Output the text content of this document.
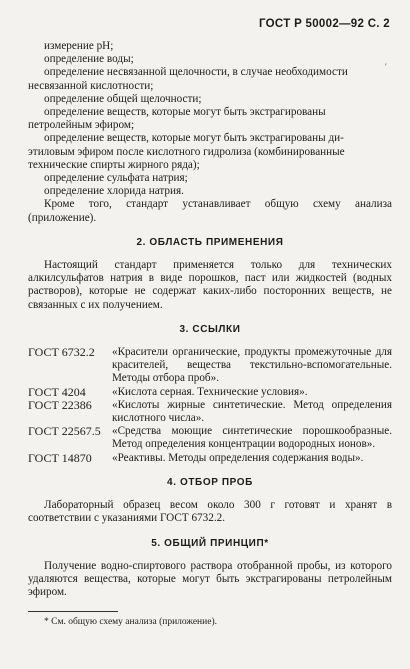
ГОСТ Р 50002—92 С. 2
'
измерение pH;
определение воды;
определение несвязанной щелочности, в случае необходимости
несвязанной кислотности;
определение общей щелочности;
определение веществ, которые могут быть экстрагированы
петролейным эфиром;
определение веществ, которые могут быть экстрагированы ди-
этиловым эфиром после кислотного гидролиза (комбинированные
технические спирты жирного ряда);
определение сульфата натрия;
определение хлорида натрия.

Кроме того, стандарт устанавливает общую схему анализа (приложение).

2. ОБЛАСТЬ ПРИМЕНЕНИЯ

Настоящий стандарт применяется только для технических алкилсульфатов натрия в виде порошков, паст или жидкостей (водных растворов), которые не содержат каких-либо посторонних веществ, не связанных с их получением.

3. ССЫЛКИ
ГОСТ 6732.2	«Красители органические, продукты промежуточные для красителей, вещества текстильно-вспомогательные. Методы отбора проб».
ГОСТ 4204	«Кислота серная. Технические условия».
ГОСТ 22386	«Кислоты жирные синтетические. Метод определения кислотного числа».
ГОСТ 22567.5	«Средства моющие синтетические порошкообразные. Метод определения концентрации водородных ионов».
ГОСТ 14870	«Реактивы. Методы определения содержания воды».
4. ОТБОР ПРОБ

Лабораторный образец весом около 300 г готовят и хранят в соответствии с указаниями ГОСТ 6732.2.

5. ОБЩИЙ ПРИНЦИП*

Получение водно-спиртового раствора отобранной пробы, из которого удаляются вещества, которые могут быть экстрагированы петролейным эфиром.

* См. общую схему анализа (приложение).
